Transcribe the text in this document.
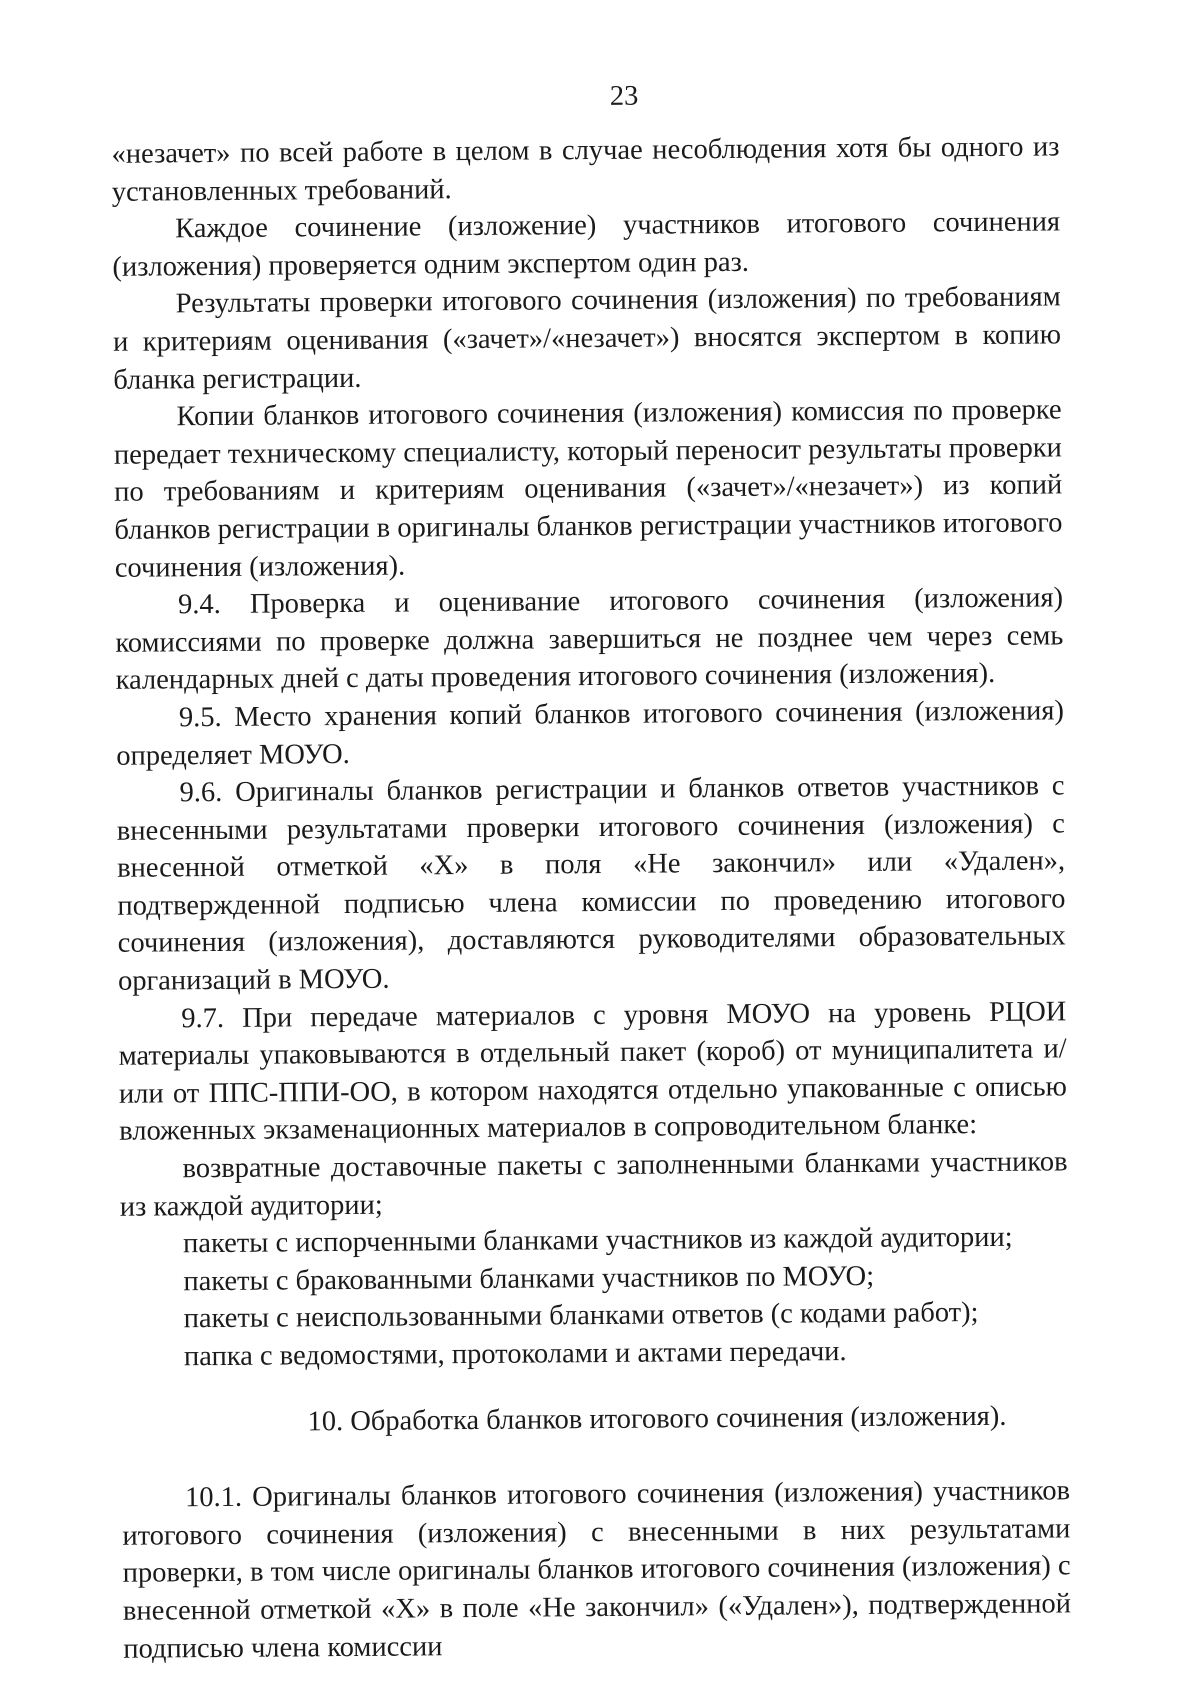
23

«незачет» по всей работе в целом в случае несоблюдения хотя бы одного из установленных требований.

Каждое сочинение (изложение) участников итогового сочинения (изложения) проверяется одним экспертом один раз.

Результаты проверки итогового сочинения (изложения) по требованиям и критериям оценивания («зачет»/«незачет») вносятся экспертом в копию бланка регистрации.

Копии бланков итогового сочинения (изложения) комиссия по проверке передает техническому специалисту, который переносит результаты проверки по требованиям и критериям оценивания («зачет»/«незачет») из копий бланков регистрации в оригиналы бланков регистрации участников итогового сочинения (изложения).

9.4. Проверка и оценивание итогового сочинения (изложения) комиссиями по проверке должна завершиться не позднее чем через семь календарных дней с даты проведения итогового сочинения (изложения).

9.5. Место хранения копий бланков итогового сочинения (изложения) определяет МОУО.

9.6. Оригиналы бланков регистрации и бланков ответов участников с внесенными результатами проверки итогового сочинения (изложения) с внесенной отметкой «X» в поля «Не закончил» или «Удален», подтвержденной подписью члена комиссии по проведению итогового сочинения (изложения), доставляются руководителями образовательных организаций в МОУО.

9.7. При передаче материалов с уровня МОУО на уровень РЦОИ материалы упаковываются в отдельный пакет (короб) от муниципалитета и/или от ППС-ППИ-ОО, в котором находятся отдельно упакованные с описью вложенных экзаменационных материалов в сопроводительном бланке:

возвратные доставочные пакеты с заполненными бланками участников из каждой аудитории;

пакеты с испорченными бланками участников из каждой аудитории;

пакеты с бракованными бланками участников по МОУО;

пакеты с неиспользованными бланками ответов (с кодами работ);

папка с ведомостями, протоколами и актами передачи.

10. Обработка бланков итогового сочинения (изложения).

10.1. Оригиналы бланков итогового сочинения (изложения) участников итогового сочинения (изложения) с внесенными в них результатами проверки, в том числе оригиналы бланков итогового сочинения (изложения) с внесенной отметкой «X» в поле «Не закончил» («Удален»), подтвержденной подписью члена комиссии
